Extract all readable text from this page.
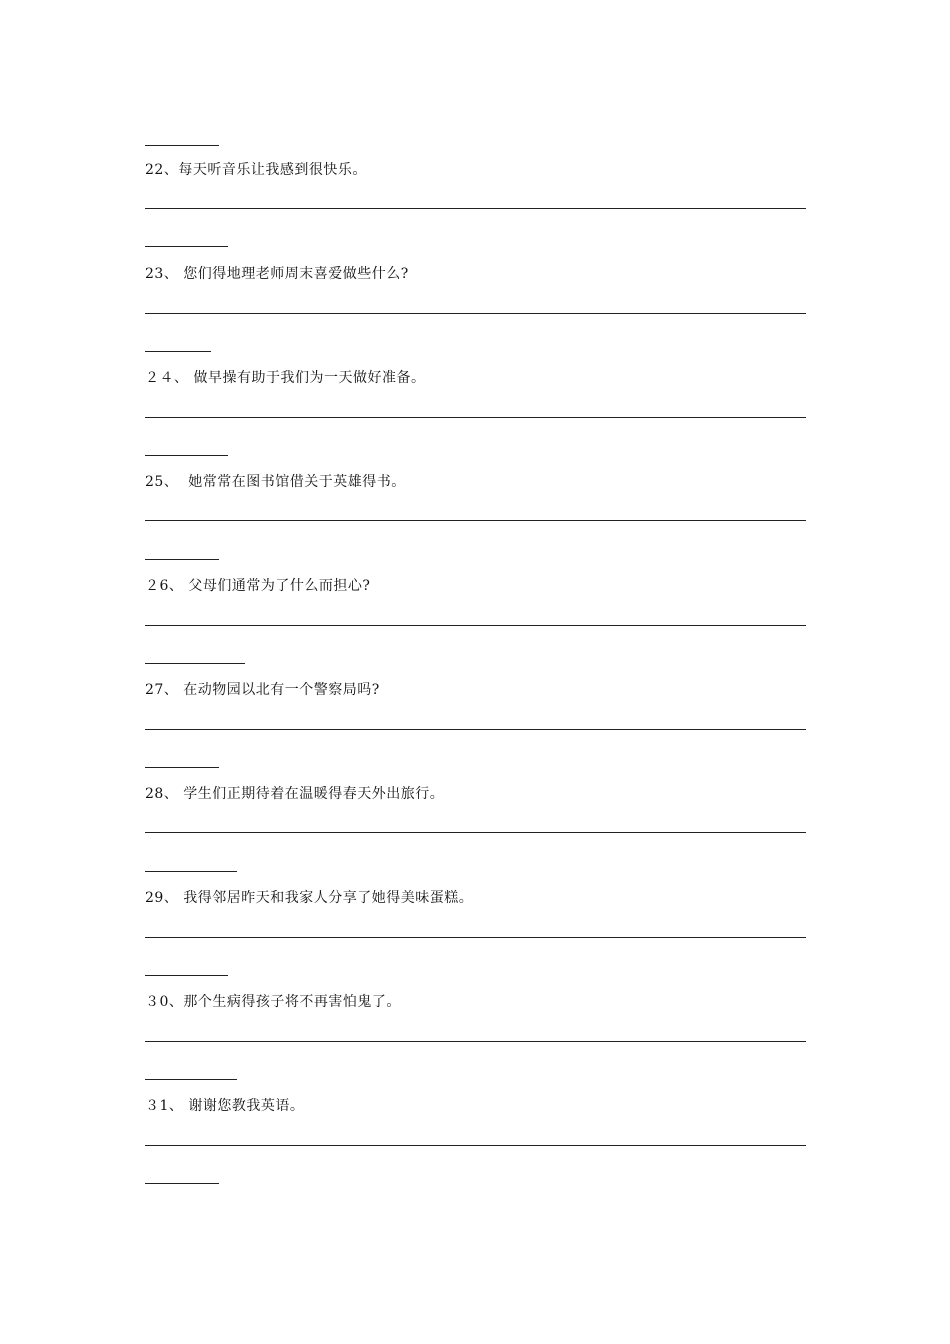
22、每天听音乐让我感到很快乐。
23、 您们得地理老师周末喜爱做些什么?
２４、 做早操有助于我们为一天做好准备。
25、  她常常在图书馆借关于英雄得书。
２6、 父母们通常为了什么而担心?
27、 在动物园以北有一个警察局吗?
28、 学生们正期待着在温暖得春天外出旅行。
29、 我得邻居昨天和我家人分享了她得美味蛋糕。
３0、那个生病得孩子将不再害怕鬼了。
３1、 谢谢您教我英语。
